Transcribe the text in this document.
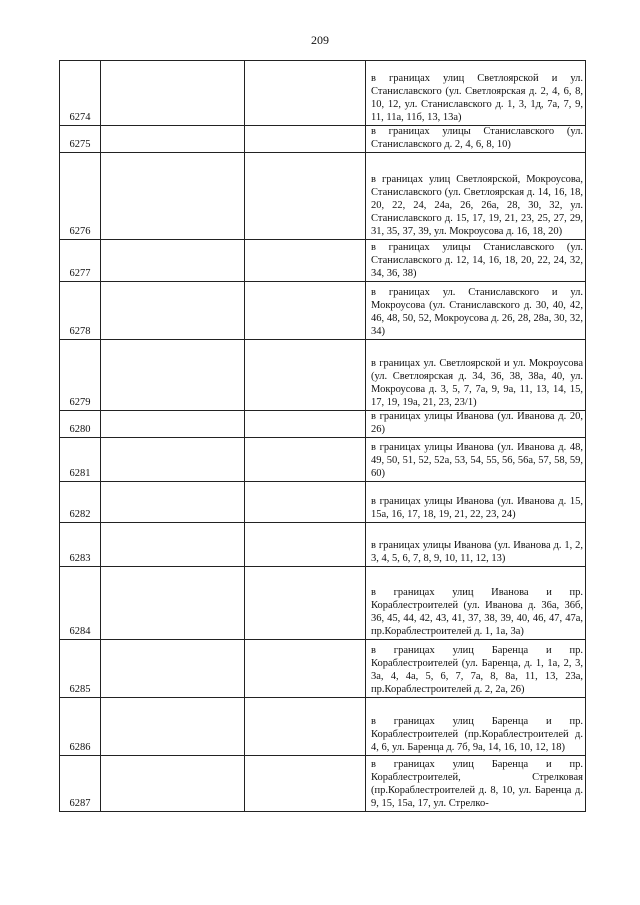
209
6274			в границах улиц Светлоярской и ул. Станиславского (ул. Светлоярская д. 2, 4, 6, 8, 10, 12, ул. Станиславского д. 1, 3, 1д, 7а, 7, 9, 11, 11а, 11б, 13, 13а)
6275			в границах улицы Станиславского (ул. Станиславского д. 2, 4, 6, 8, 10)
6276			в границах улиц Светлоярской, Мокроусова, Станиславского (ул. Светлоярская д. 14, 16, 18, 20, 22, 24, 24а, 26, 26а, 28, 30, 32, ул. Станиславского д. 15, 17, 19, 21, 23, 25, 27, 29, 31, 35, 37, 39, ул. Мокроусова д. 16, 18, 20)
6277			в границах улицы Станиславского (ул. Станиславского д. 12, 14, 16, 18, 20, 22, 24, 32, 34, 36, 38)
6278			в границах ул. Станиславского и ул. Мокроусова (ул. Станиславского д. 30, 40, 42, 46, 48, 50, 52, Мокроусова д. 26, 28, 28а, 30, 32, 34)
6279			в границах ул. Светлоярской и ул. Мокроусова (ул. Светлоярская д. 34, 36, 38, 38а, 40, ул. Мокроусова д. 3, 5, 7, 7а, 9, 9а, 11, 13, 14, 15, 17, 19, 19а, 21, 23, 23/1)
6280			в границах улицы Иванова (ул. Иванова д. 20, 26)
6281			в границах улицы Иванова (ул. Иванова д. 48, 49, 50, 51, 52, 52а, 53, 54, 55, 56, 56а, 57, 58, 59, 60)
6282			в границах улицы Иванова (ул. Иванова д. 15, 15а, 16, 17, 18, 19, 21, 22, 23, 24)
6283			в границах улицы Иванова (ул. Иванова д. 1, 2, 3, 4, 5, 6, 7, 8, 9, 10, 11, 12, 13)
6284			в границах улиц Иванова и пр. Кораблестроителей (ул. Иванова д. 36а, 36б, 36, 45, 44, 42, 43, 41, 37, 38, 39, 40, 46, 47, 47а, пр.Кораблестроителей д. 1, 1а, 3а)
6285			в границах улиц Баренца и пр. Кораблестроителей (ул. Баренца, д. 1, 1а, 2, 3, 3а, 4, 4а, 5, 6, 7, 7а, 8, 8а, 11, 13, 23а, пр.Кораблестроителей д. 2, 2а, 26)
6286			в границах улиц Баренца и пр. Кораблестроителей (пр.Кораблестроителей д. 4, 6, ул. Баренца д. 7б, 9а, 14, 16, 10, 12, 18)
6287			в границах улиц Баренца и пр. Кораблестроителей, Стрелковая (пр.Кораблестроителей д. 8, 10, ул. Баренца д. 9, 15, 15а, 17, ул. Стрелко-
